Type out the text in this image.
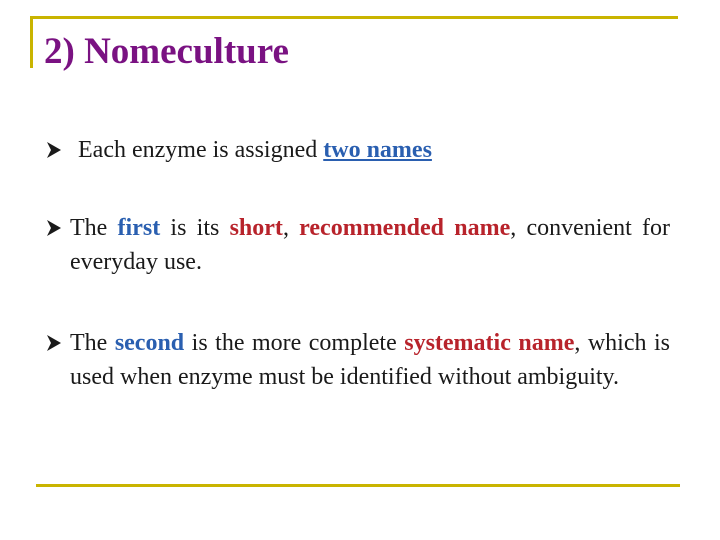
2) Nomeculture
Each enzyme is assigned two names
The first is its short, recommended name, convenient for everyday use.
The second is the more complete systematic name, which is used when enzyme must be identified without ambiguity.
